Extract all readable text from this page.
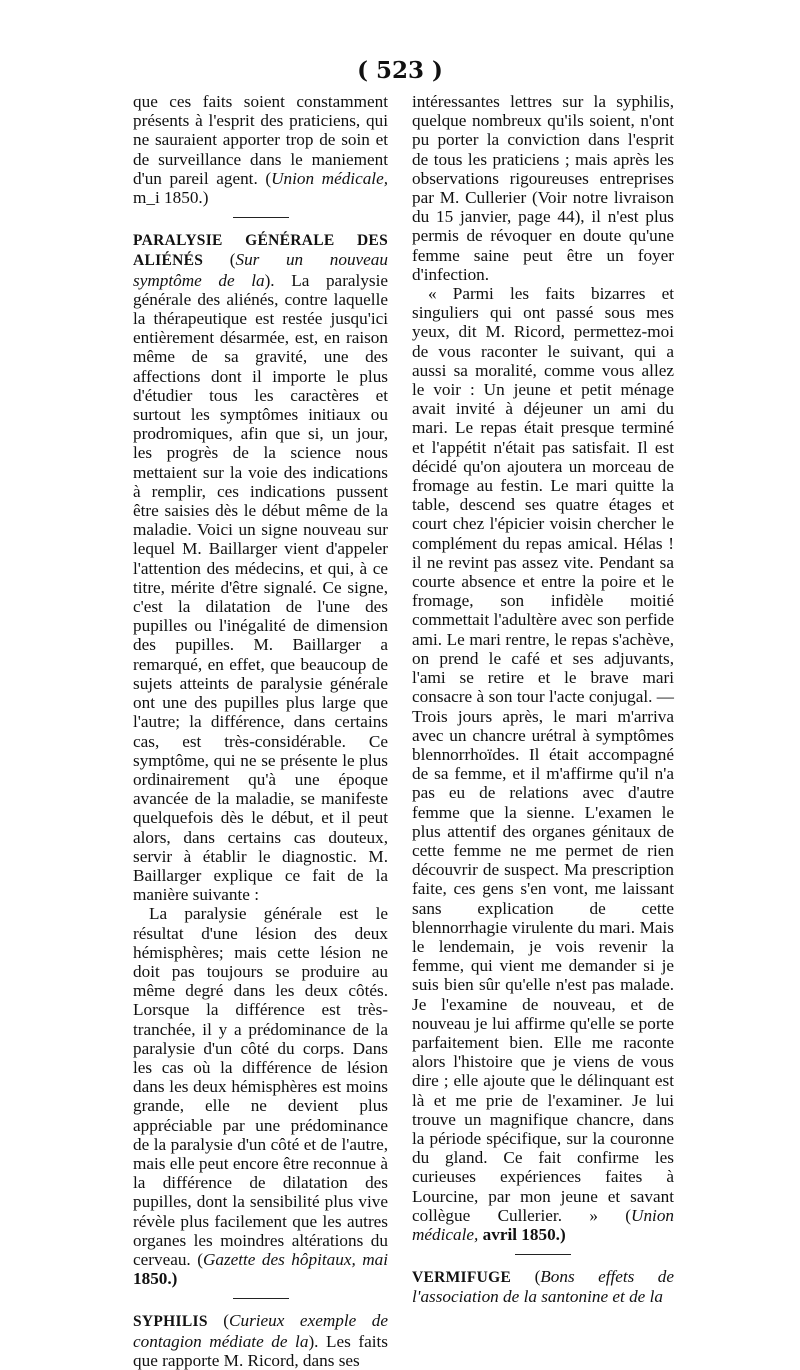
( 523 )

que ces faits soient constamment présents à l'esprit des praticiens, qui ne sauraient apporter trop de soin et de surveillance dans le maniement d'un pareil agent. (Union médicale, m_i 1850.)

PARALYSIE GÉNÉRALE DES ALIÉNÉS (Sur un nouveau symptôme de la). La paralysie générale des aliénés, contre laquelle la thérapeutique est restée jusqu'ici entièrement désarmée, est, en raison même de sa gravité, une des affections dont il importe le plus d'étudier tous les caractères et surtout les symptômes initiaux ou prodromiques, afin que si, un jour, les progrès de la science nous mettaient sur la voie des indications à remplir, ces indications pussent être saisies dès le début même de la maladie. Voici un signe nouveau sur lequel M. Baillarger vient d'appeler l'attention des médecins, et qui, à ce titre, mérite d'être signalé. Ce signe, c'est la dilatation de l'une des pupilles ou l'inégalité de dimension des pupilles. M. Baillarger a remarqué, en effet, que beaucoup de sujets atteints de paralysie générale ont une des pupilles plus large que l'autre; la différence, dans certains cas, est très-considérable. Ce symptôme, qui ne se présente le plus ordinairement qu'à une époque avancée de la maladie, se manifeste quelquefois dès le début, et il peut alors, dans certains cas douteux, servir à établir le diagnostic. M. Baillarger explique ce fait de la manière suivante :

La paralysie générale est le résultat d'une lésion des deux hémisphères; mais cette lésion ne doit pas toujours se produire au même degré dans les deux côtés. Lorsque la différence est très-tranchée, il y a prédominance de la paralysie d'un côté du corps. Dans les cas où la différence de lésion dans les deux hémisphères est moins grande, elle ne devient plus appréciable par une prédominance de la paralysie d'un côté et de l'autre, mais elle peut encore être reconnue à la différence de dilatation des pupilles, dont la sensibilité plus vive révèle plus facilement que les autres organes les moindres altérations du cerveau. (Gazette des hôpitaux, mai 1850.)

SYPHILIS (Curieux exemple de contagion médiate de la). Les faits que rapporte M. Ricord, dans ses

intéressantes lettres sur la syphilis, quelque nombreux qu'ils soient, n'ont pu porter la conviction dans l'esprit de tous les praticiens ; mais après les observations rigoureuses entreprises par M. Cullerier (Voir notre livraison du 15 janvier, page 44), il n'est plus permis de révoquer en doute qu'une femme saine peut être un foyer d'infection.

« Parmi les faits bizarres et singuliers qui ont passé sous mes yeux, dit M. Ricord, permettez-moi de vous raconter le suivant, qui a aussi sa moralité, comme vous allez le voir : Un jeune et petit ménage avait invité à déjeuner un ami du mari. Le repas était presque terminé et l'appétit n'était pas satisfait. Il est décidé qu'on ajoutera un morceau de fromage au festin. Le mari quitte la table, descend ses quatre étages et court chez l'épicier voisin chercher le complément du repas amical. Hélas ! il ne revint pas assez vite. Pendant sa courte absence et entre la poire et le fromage, son infidèle moitié commettait l'adultère avec son perfide ami. Le mari rentre, le repas s'achève, on prend le café et ses adjuvants, l'ami se retire et le brave mari consacre à son tour l'acte conjugal. — Trois jours après, le mari m'arriva avec un chancre urétral à symptômes blennorrhoïdes. Il était accompagné de sa femme, et il m'affirme qu'il n'a pas eu de relations avec d'autre femme que la sienne. L'examen le plus attentif des organes génitaux de cette femme ne me permet de rien découvrir de suspect. Ma prescription faite, ces gens s'en vont, me laissant sans explication de cette blennorrhagie virulente du mari. Mais le lendemain, je vois revenir la femme, qui vient me demander si je suis bien sûr qu'elle n'est pas malade. Je l'examine de nouveau, et de nouveau je lui affirme qu'elle se porte parfaitement bien. Elle me raconte alors l'histoire que je viens de vous dire ; elle ajoute que le délinquant est là et me prie de l'examiner. Je lui trouve un magnifique chancre, dans la période spécifique, sur la couronne du gland. Ce fait confirme les curieuses expériences faites à Lourcine, par mon jeune et savant collègue Cullerier. » (Union médicale, avril 1850.)

VERMIFUGE (Bons effets de l'association de la santonine et de la
